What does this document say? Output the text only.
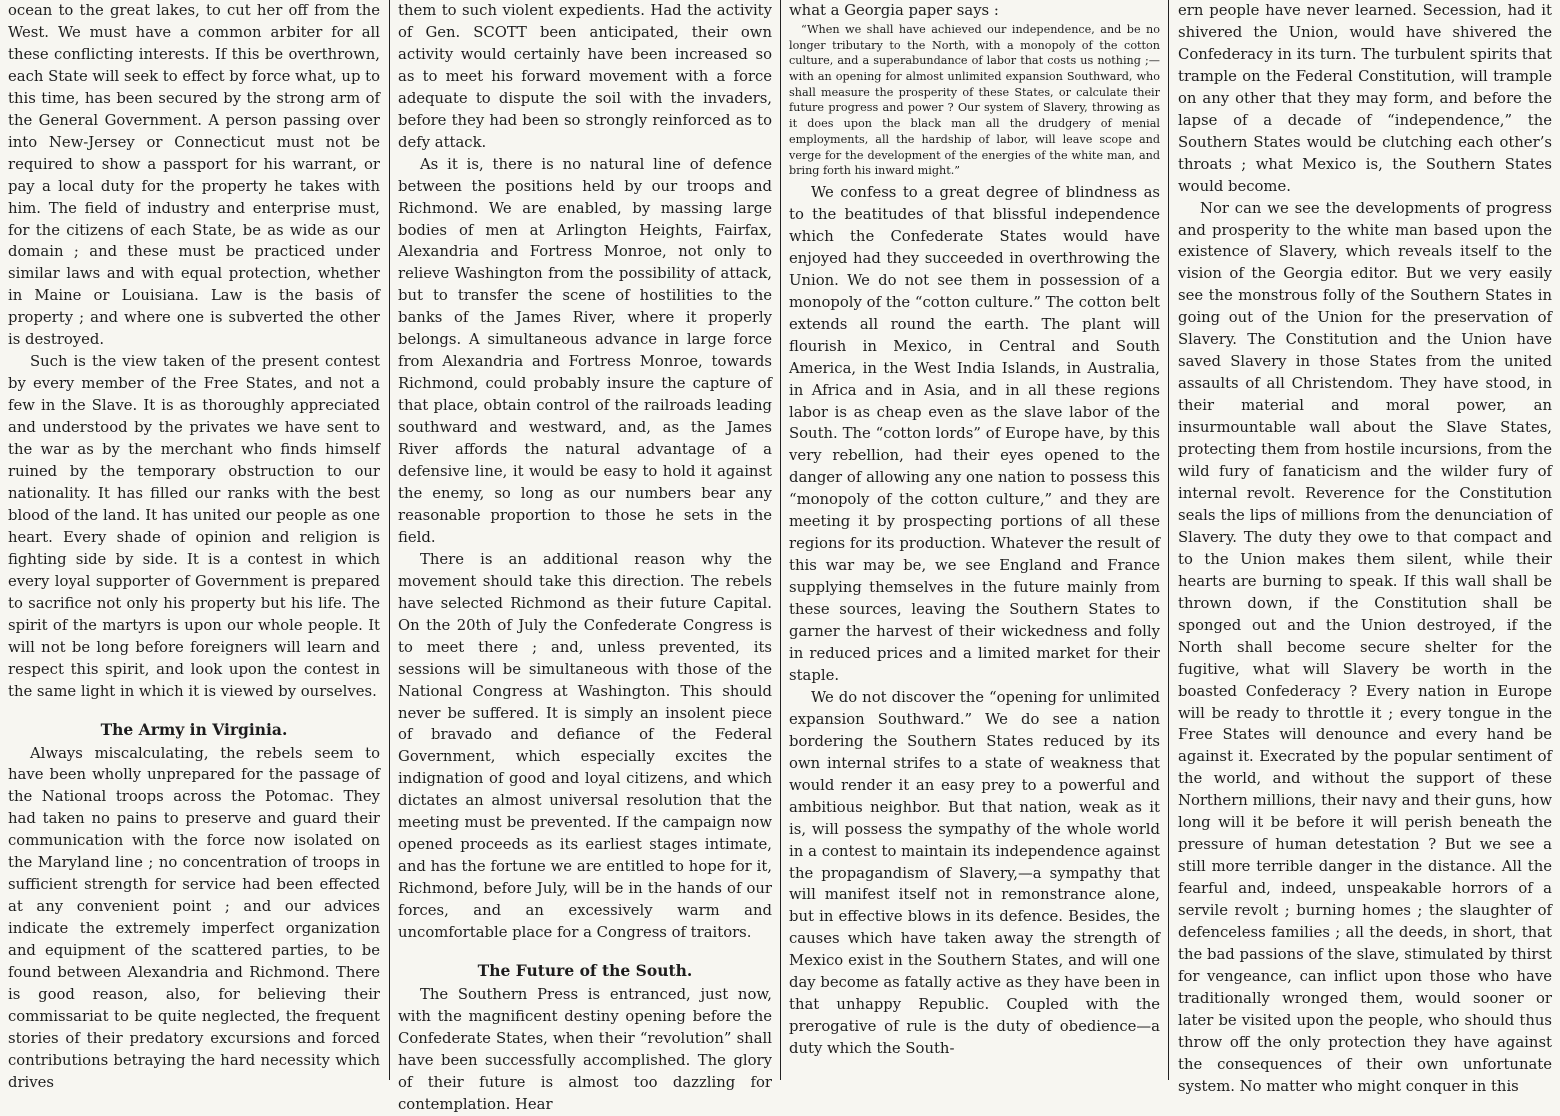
ocean to the great lakes, to cut her off from the West. We must have a common arbiter for all these conflicting interests. If this be overthrown, each State will seek to effect by force what, up to this time, has been secured by the strong arm of the General Government. A person passing over into New-Jersey or Connecticut must not be required to show a passport for his warrant, or pay a local duty for the property he takes with him. The field of industry and enterprise must, for the citizens of each State, be as wide as our domain ; and these must be practiced under similar laws and with equal protection, whether in Maine or Louisiana. Law is the basis of property ; and where one is subverted the other is destroyed.

Such is the view taken of the present contest by every member of the Free States, and not a few in the Slave. It is as thoroughly appreciated and understood by the privates we have sent to the war as by the merchant who finds himself ruined by the temporary obstruction to our nationality. It has filled our ranks with the best blood of the land. It has united our people as one heart. Every shade of opinion and religion is fighting side by side. It is a contest in which every loyal supporter of Government is prepared to sacrifice not only his property but his life. The spirit of the martyrs is upon our whole people. It will not be long before foreigners will learn and respect this spirit, and look upon the contest in the same light in which it is viewed by ourselves.

The Army in Virginia.

Always miscalculating, the rebels seem to have been wholly unprepared for the passage of the National troops across the Potomac. They had taken no pains to preserve and guard their communication with the force now isolated on the Maryland line ; no concentration of troops in sufficient strength for service had been effected at any convenient point ; and our advices indicate the extremely imperfect organization and equipment of the scattered parties, to be found between Alexandria and Richmond. There is good reason, also, for believing their commissariat to be quite neglected, the frequent stories of their predatory excursions and forced contributions betraying the hard necessity which drives

them to such violent expedients. Had the activity of Gen. SCOTT been anticipated, their own activity would certainly have been increased so as to meet his forward movement with a force adequate to dispute the soil with the invaders, before they had been so strongly reinforced as to defy attack.

As it is, there is no natural line of defence between the positions held by our troops and Richmond. We are enabled, by massing large bodies of men at Arlington Heights, Fairfax, Alexandria and Fortress Monroe, not only to relieve Washington from the possibility of attack, but to transfer the scene of hostilities to the banks of the James River, where it properly belongs. A simultaneous advance in large force from Alexandria and Fortress Monroe, towards Richmond, could probably insure the capture of that place, obtain control of the railroads leading southward and westward, and, as the James River affords the natural advantage of a defensive line, it would be easy to hold it against the enemy, so long as our numbers bear any reasonable proportion to those he sets in the field.

There is an additional reason why the movement should take this direction. The rebels have selected Richmond as their future Capital. On the 20th of July the Confederate Congress is to meet there ; and, unless prevented, its sessions will be simultaneous with those of the National Congress at Washington. This should never be suffered. It is simply an insolent piece of bravado and defiance of the Federal Government, which especially excites the indignation of good and loyal citizens, and which dictates an almost universal resolution that the meeting must be prevented. If the campaign now opened proceeds as its earliest stages intimate, and has the fortune we are entitled to hope for it, Richmond, before July, will be in the hands of our forces, and an excessively warm and uncomfortable place for a Congress of traitors.

The Future of the South.

The Southern Press is entranced, just now, with the magnificent destiny opening before the Confederate States, when their “revolution” shall have been successfully accomplished. The glory of their future is almost too dazzling for contemplation. Hear

what a Georgia paper says :

“When we shall have achieved our independence, and be no longer tributary to the North, with a monopoly of the cotton culture, and a superabundance of labor that costs us nothing ;—with an opening for almost unlimited expansion Southward, who shall measure the prosperity of these States, or calculate their future progress and power ? Our system of Slavery, throwing as it does upon the black man all the drudgery of menial employments, all the hardship of labor, will leave scope and verge for the development of the energies of the white man, and bring forth his inward might.”

We confess to a great degree of blindness as to the beatitudes of that blissful independence which the Confederate States would have enjoyed had they succeeded in overthrowing the Union. We do not see them in possession of a monopoly of the “cotton culture.” The cotton belt extends all round the earth. The plant will flourish in Mexico, in Central and South America, in the West India Islands, in Australia, in Africa and in Asia, and in all these regions labor is as cheap even as the slave labor of the South. The “cotton lords” of Europe have, by this very rebellion, had their eyes opened to the danger of allowing any one nation to possess this “monopoly of the cotton culture,” and they are meeting it by prospecting portions of all these regions for its production. Whatever the result of this war may be, we see England and France supplying themselves in the future mainly from these sources, leaving the Southern States to garner the harvest of their wickedness and folly in reduced prices and a limited market for their staple.

We do not discover the “opening for unlimited expansion Southward.” We do see a nation bordering the Southern States reduced by its own internal strifes to a state of weakness that would render it an easy prey to a powerful and ambitious neighbor. But that nation, weak as it is, will possess the sympathy of the whole world in a contest to maintain its independence against the propagandism of Slavery,—a sympathy that will manifest itself not in remonstrance alone, but in effective blows in its defence. Besides, the causes which have taken away the strength of Mexico exist in the Southern States, and will one day become as fatally active as they have been in that unhappy Republic. Coupled with the prerogative of rule is the duty of obedience—a duty which the South-

ern people have never learned. Secession, had it shivered the Union, would have shivered the Confederacy in its turn. The turbulent spirits that trample on the Federal Constitution, will trample on any other that they may form, and before the lapse of a decade of “independence,” the Southern States would be clutching each other’s throats ; what Mexico is, the Southern States would become.

Nor can we see the developments of progress and prosperity to the white man based upon the existence of Slavery, which reveals itself to the vision of the Georgia editor. But we very easily see the monstrous folly of the Southern States in going out of the Union for the preservation of Slavery. The Constitution and the Union have saved Slavery in those States from the united assaults of all Christendom. They have stood, in their material and moral power, an insurmountable wall about the Slave States, protecting them from hostile incursions, from the wild fury of fanaticism and the wilder fury of internal revolt. Reverence for the Constitution seals the lips of millions from the denunciation of Slavery. The duty they owe to that compact and to the Union makes them silent, while their hearts are burning to speak. If this wall shall be thrown down, if the Constitution shall be sponged out and the Union destroyed, if the North shall become secure shelter for the fugitive, what will Slavery be worth in the boasted Confederacy ? Every nation in Europe will be ready to throttle it ; every tongue in the Free States will denounce and every hand be against it. Execrated by the popular sentiment of the world, and without the support of these Northern millions, their navy and their guns, how long will it be before it will perish beneath the pressure of human detestation ? But we see a still more terrible danger in the distance. All the fearful and, indeed, unspeakable horrors of a servile revolt ; burning homes ; the slaughter of defenceless families ; all the deeds, in short, that the bad passions of the slave, stimulated by thirst for vengeance, can inflict upon those who have traditionally wronged them, would sooner or later be visited upon the people, who should thus throw off the only protection they have against the consequences of their own unfortunate system. No matter who might conquer in this
